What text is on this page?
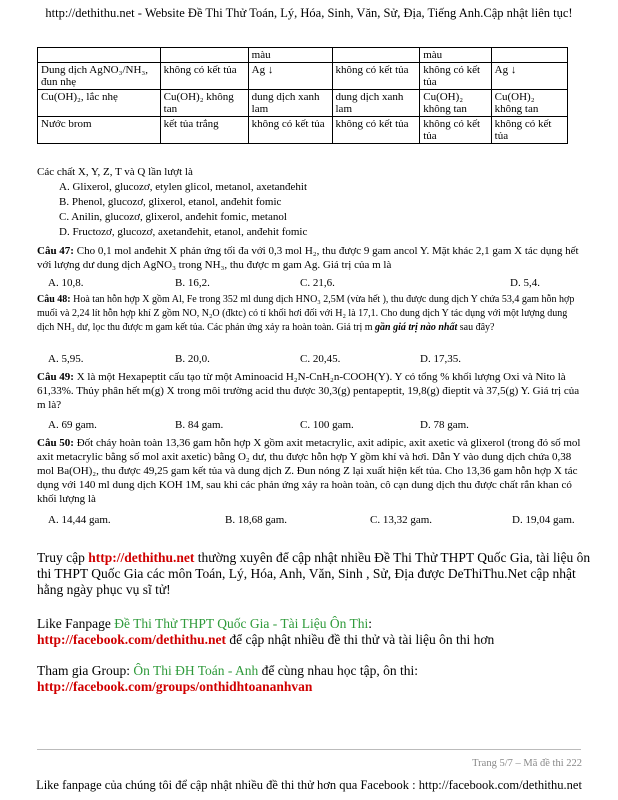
http://dethithu.net - Website Đề Thi Thử Toán, Lý, Hóa, Sinh, Văn, Sử, Địa, Tiếng Anh.Cập nhật liên tục!
		màu		màu	
Dung dịch AgNO₃/NH₃, đun nhẹ	không có kết tủa	Ag ↓	không có kết tủa	không có kết tủa	Ag ↓
Cu(OH)₂, lắc nhẹ	Cu(OH)₂ không tan	dung dịch xanh lam	dung dịch xanh lam	Cu(OH)₂ không tan	Cu(OH)₂ không tan
Nước brom	kết tủa trắng	không có kết tủa	không có kết tủa	không có kết tủa	không có kết tủa
Các chất X, Y, Z, T và Q lần lượt là
A. Glixerol, glucozơ, etylen glicol, metanol, axetanđehit
B. Phenol, glucozơ, glixerol, etanol, anđehit fomic
C. Anilin, glucozơ, glixerol, anđehit fomic, metanol
D. Fructozơ, glucozơ, axetanđehit, etanol, anđehit fomic
Câu 47: Cho 0,1 mol anđehit X phản ứng tối đa với 0,3 mol H₂, thu được 9 gam ancol Y. Mặt khác 2,1 gam X tác dụng hết với lượng dư dung dịch AgNO₃ trong NH₃, thu được m gam Ag. Giá trị của m là
A. 10,8.	B. 16,2.	C. 21,6.	D. 5,4.
Câu 48: Hoà tan hỗn hợp X gồm Al, Fe trong 352 ml dung dịch HNO₃ 2,5M (vừa hết ), thu được dung dịch Y chứa 53,4 gam hỗn hợp muối và 2,24 lít hỗn hợp khí Z gồm NO, N₂O (đktc) có tỉ khối hơi đối với H₂ là 17,1. Cho dung dịch Y tác dụng với một lượng dung dịch NH₃ dư, lọc thu được m gam kết tủa. Các phản ứng xảy ra hoàn toàn. Giá trị m gần giá trị nào nhất sau đây?
A. 5,95.	B. 20,0.	C. 20,45.	D. 17,35.
Câu 49: X là một Hexapeptit cấu tạo từ một Aminoacid H₂N-CnH₂n-COOH(Y). Y có tổng % khối lượng Oxi và Nito là 61,33%. Thủy phân hết m(g) X trong môi trường acid thu được 30,3(g) pentapeptit, 19,8(g) đieptit và 37,5(g) Y. Giá trị của m là?
A. 69 gam.	B. 84 gam.	C. 100 gam.	D. 78 gam.
Câu 50: Đốt cháy hoàn toàn 13,36 gam hỗn hợp X gồm axit metacrylic, axit adipic, axit axetic và glixerol (trong đó số mol axit metacrylic bằng số mol axit axetic) bằng O₂ dư, thu được hỗn hợp Y gồm khí và hơi. Dẫn Y vào dung dịch chứa 0,38 mol Ba(OH)₂, thu được 49,25 gam kết tủa và dung dịch Z. Đun nóng Z lại xuất hiện kết tủa. Cho 13,36 gam hỗn hợp X tác dụng với 140 ml dung dịch KOH 1M, sau khi các phản ứng xảy ra hoàn toàn, cô cạn dung dịch thu được chất rắn khan có khối lượng là
A. 14,44 gam.	B. 18,68 gam.	C. 13,32 gam.	D. 19,04 gam.
Truy cập http://dethithu.net thường xuyên để cập nhật nhiều Đề Thi Thử THPT Quốc Gia, tài liệu ôn thi THPT Quốc Gia các môn Toán, Lý, Hóa, Anh, Văn, Sinh , Sử, Địa được DeThiThu.Net cập nhật hằng ngày phục vụ sĩ tử!
Like Fanpage Đề Thi Thử THPT Quốc Gia - Tài Liệu Ôn Thi:
http://facebook.com/dethithu.net để cập nhật nhiều đề thi thử và tài liệu ôn thi hơn
Tham gia Group: Ôn Thi ĐH Toán - Anh để cùng nhau học tập, ôn thi:
http://facebook.com/groups/onthidhtoananhvan
Trang 5/7 – Mã đề thi 222
Like fanpage của chúng tôi để cập nhật nhiều đề thi thử hơn qua Facebook : http://facebook.com/dethithu.net
